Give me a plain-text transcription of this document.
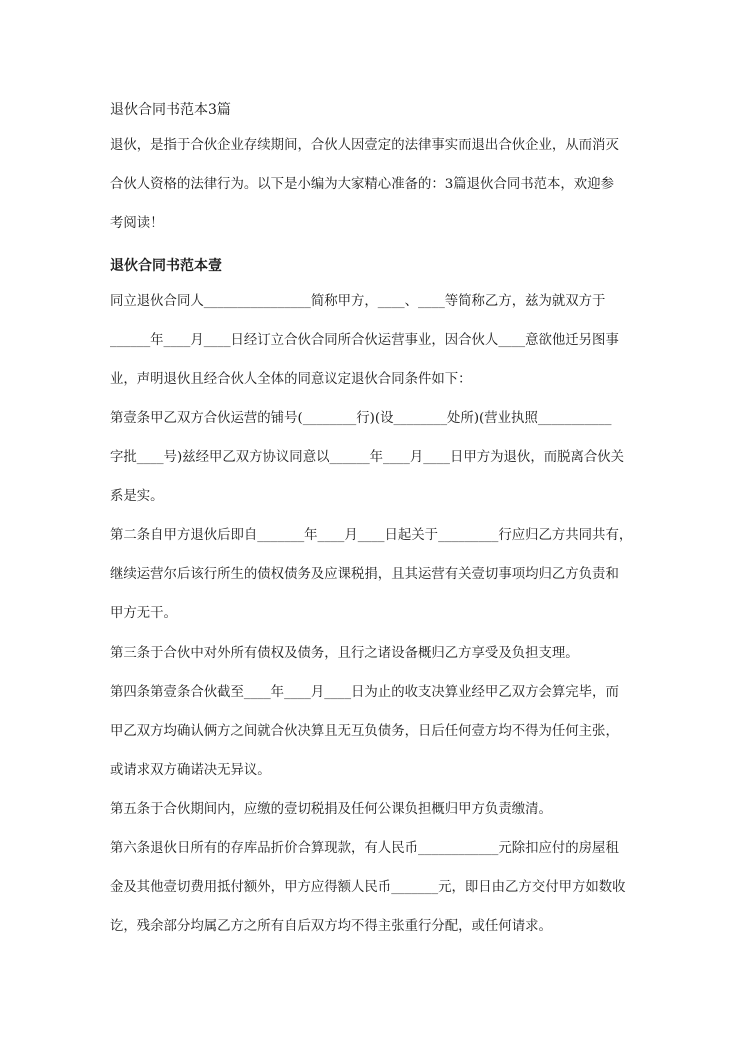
退伙合同书范本3篇
退伙，是指于合伙企业存续期间，合伙人因壹定的法律事实而退出合伙企业，从而消灭
合伙人资格的法律行为。以下是小编为大家精心准备的：3篇退伙合同书范本，欢迎参
考阅读！
退伙合同书范本壹
同立退伙合同人________________简称甲方，____、____等简称乙方，兹为就双方于
______年____月____日经订立合伙合同所合伙运营事业，因合伙人____意欲他迁另图事
业，声明退伙且经合伙人全体的同意议定退伙合同条件如下：
第壹条甲乙双方合伙运营的铺号(________行)(设________处所)(营业执照___________
字批____号)兹经甲乙双方协议同意以______年____月____日甲方为退伙，而脱离合伙关
系是实。
第二条自甲方退伙后即自_______年____月____日起关于_________行应归乙方共同共有，
继续运营尔后该行所生的债权债务及应课税捐，且其运营有关壹切事项均归乙方负责和
甲方无干。
第三条于合伙中对外所有债权及债务，且行之诸设备概归乙方享受及负担支理。
第四条第壹条合伙截至____年____月____日为止的收支决算业经甲乙双方会算完毕，而
甲乙双方均确认俩方之间就合伙决算且无互负债务，日后任何壹方均不得为任何主张，
或请求双方确诺决无异议。
第五条于合伙期间内，应缴的壹切税捐及任何公课负担概归甲方负责缴清。
第六条退伙日所有的存库品折价合算现款，有人民币____________元除扣应付的房屋租
金及其他壹切费用抵付额外，甲方应得额人民币_______元，即日由乙方交付甲方如数收
讫，残余部分均属乙方之所有自后双方均不得主张重行分配，或任何请求。
